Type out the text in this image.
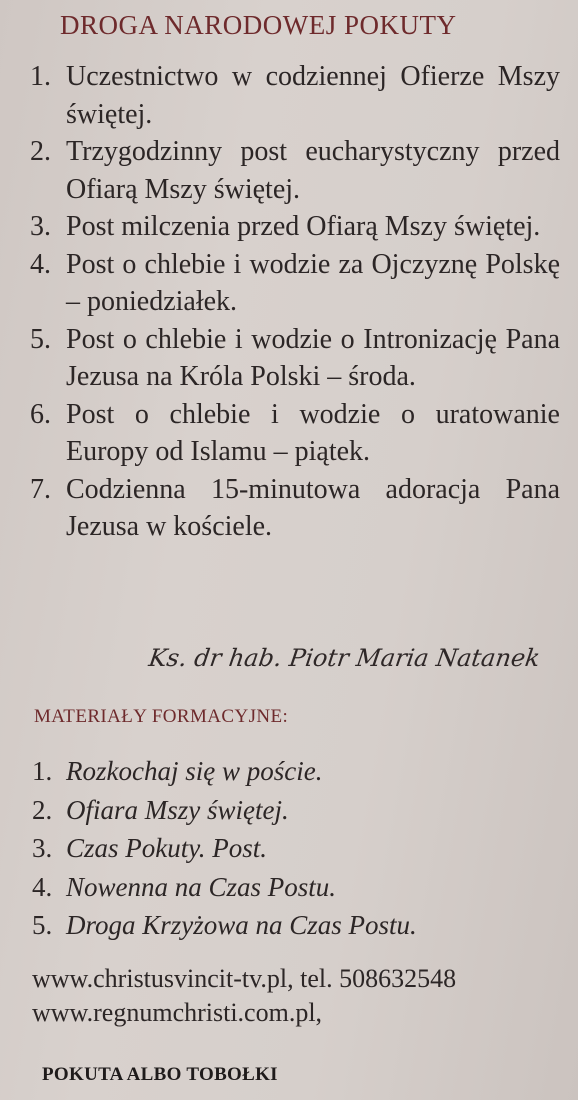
DROGA NARODOWEJ POKUTY
1. Uczestnictwo w codziennej Ofierze Mszy świętej.
2. Trzygodzinny post eucharystyczny przed Ofiarą Mszy świętej.
3. Post milczenia przed Ofiarą Mszy świętej.
4. Post o chlebie i wodzie za Ojczyznę Polskę – poniedziałek.
5. Post o chlebie i wodzie o Intronizację Pana Jezusa na Króla Polski – środa.
6. Post o chlebie i wodzie o uratowanie Europy od Islamu – piątek.
7. Codzienna 15-minutowa adoracja Pana Jezusa w kościele.
Ks. dr hab. Piotr Maria Natanek
MATERIAŁY FORMACYJNE:
1. Rozkochaj się w poście.
2. Ofiara Mszy świętej.
3. Czas Pokuty. Post.
4. Nowenna na Czas Postu.
5. Droga Krzyżowa na Czas Postu.
www.christusvincit-tv.pl, tel. 508632548
www.regnumchristi.com.pl,
POKUTA ALBO TOBOŁKI
